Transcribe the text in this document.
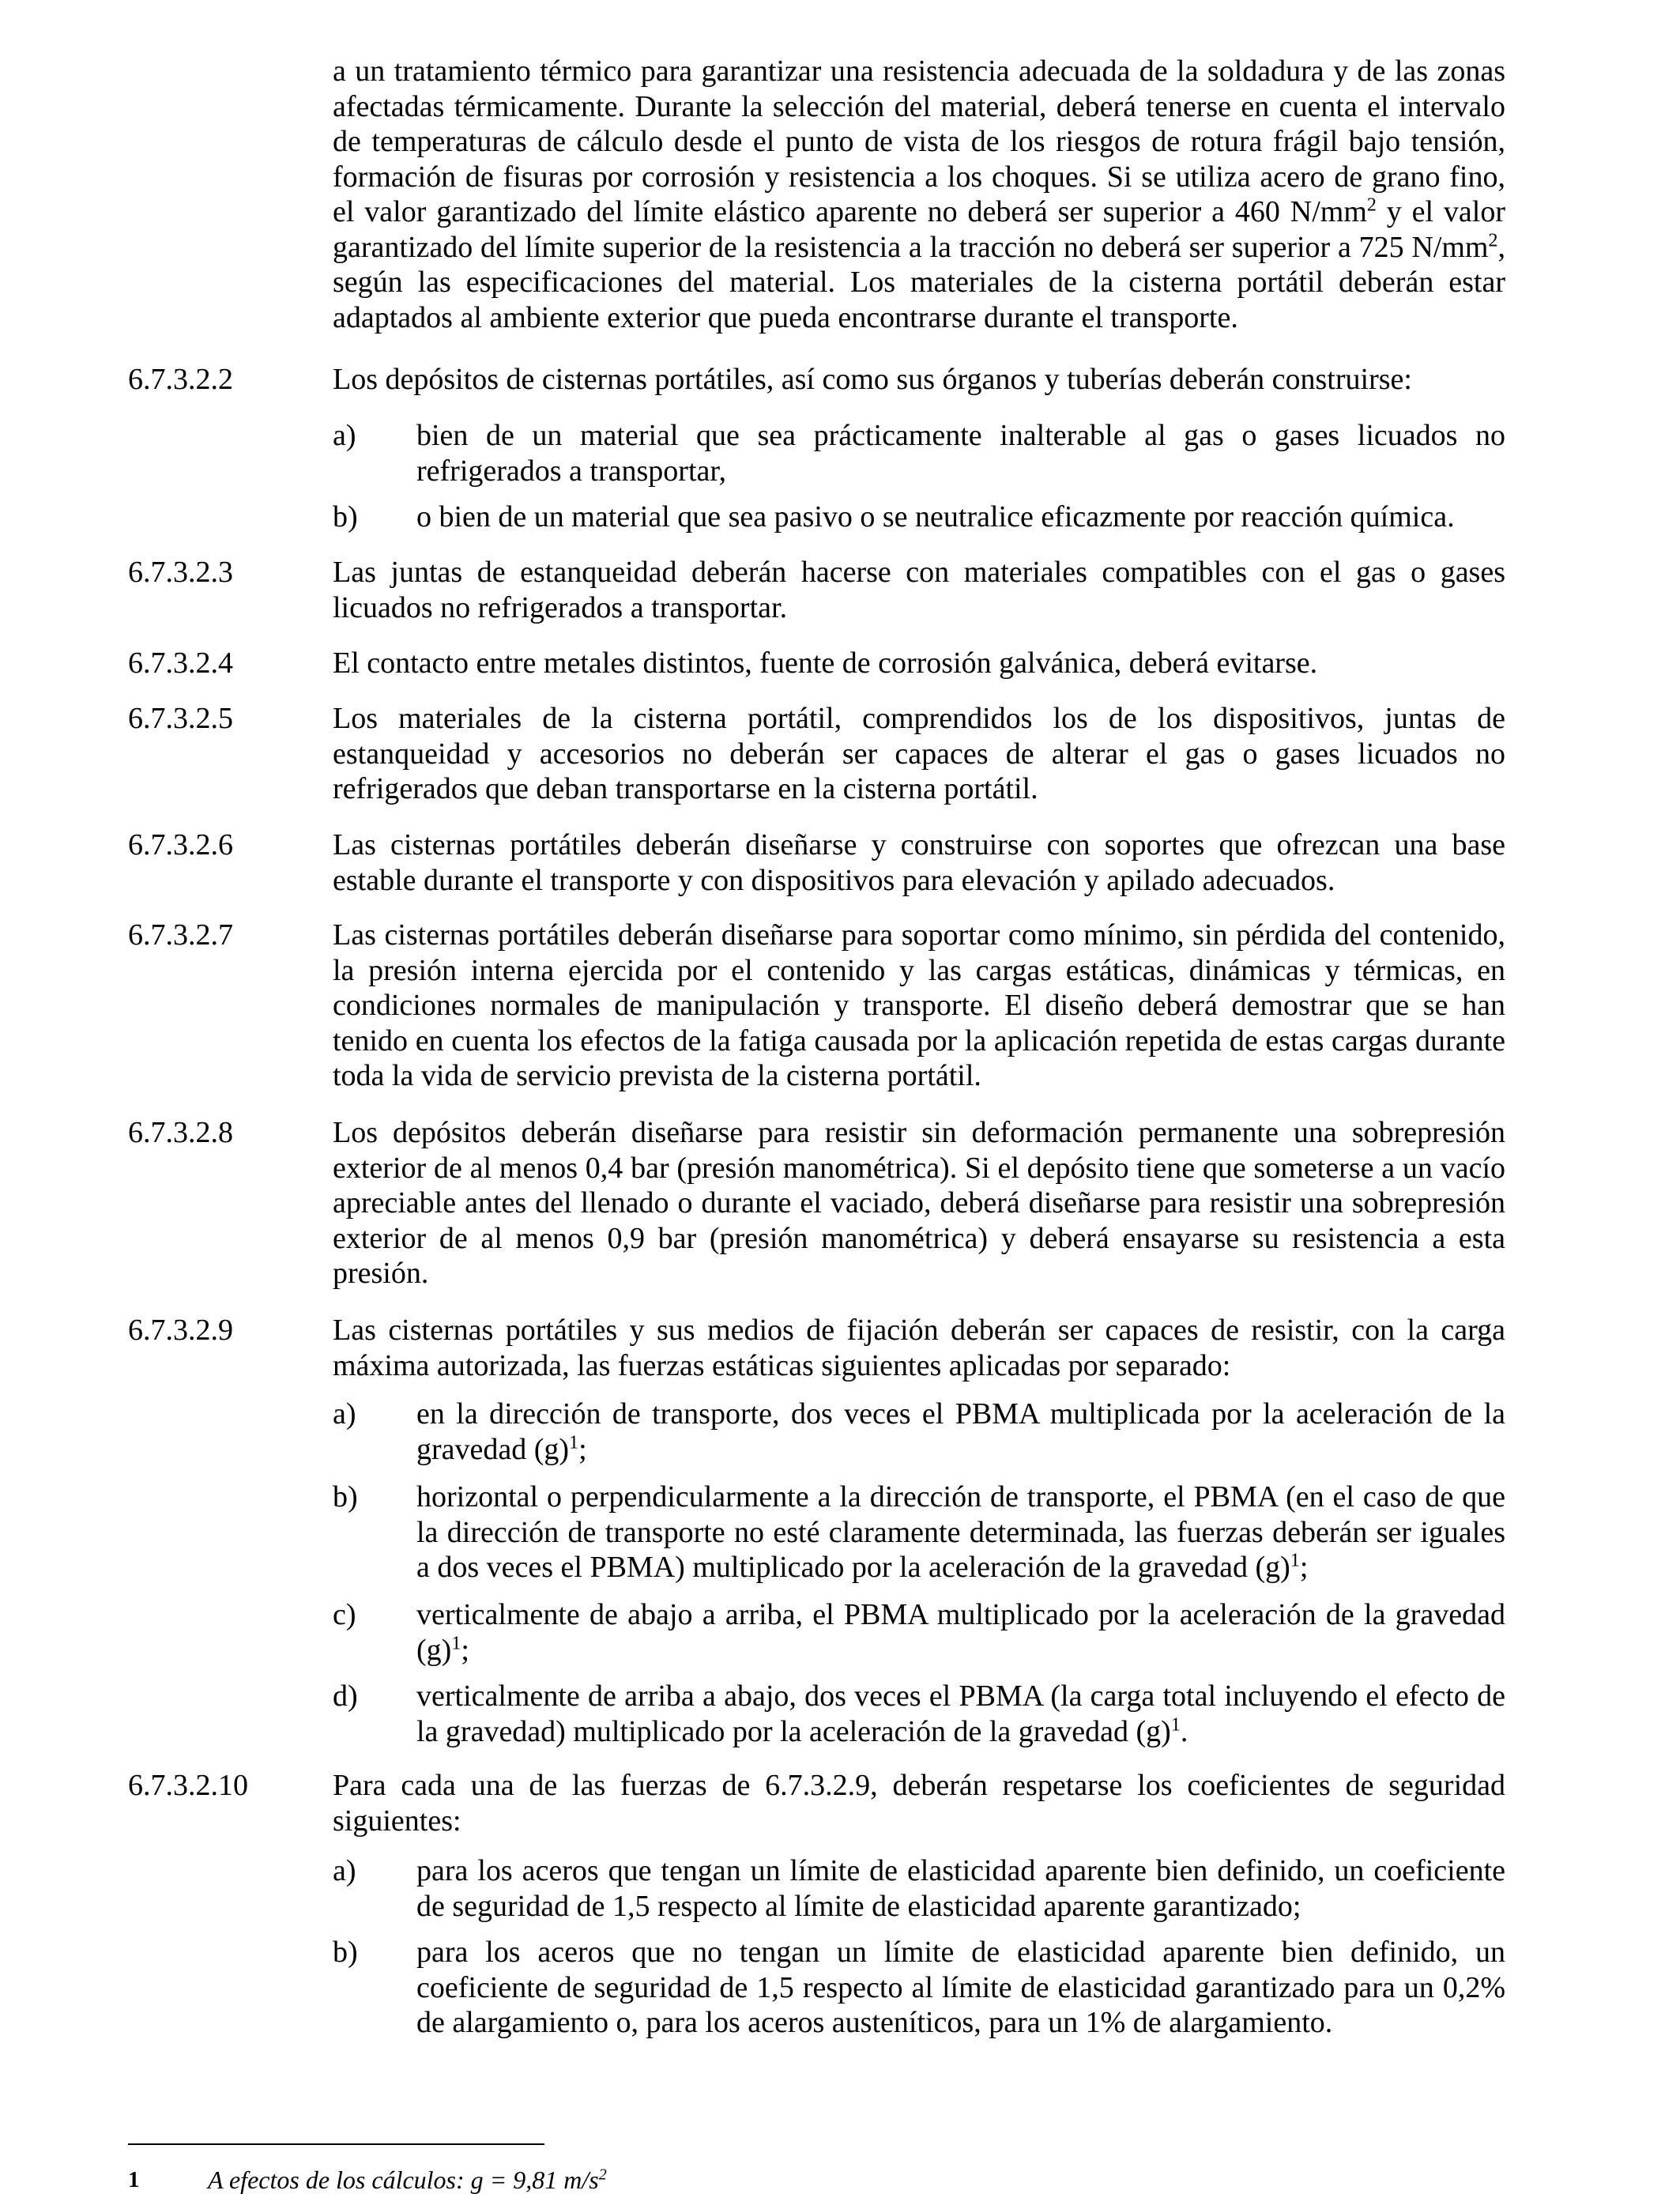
a un tratamiento térmico para garantizar una resistencia adecuada de la soldadura y de las zonas afectadas térmicamente. Durante la selección del material, deberá tenerse en cuenta el intervalo de temperaturas de cálculo desde el punto de vista de los riesgos de rotura frágil bajo tensión, formación de fisuras por corrosión y resistencia a los choques. Si se utiliza acero de grano fino, el valor garantizado del límite elástico aparente no deberá ser superior a 460 $N/mm^2$ y el valor garantizado del límite superior de la resistencia a la tracción no deberá ser superior a 725 $N/mm^2$, según las especificaciones del material. Los materiales de la cisterna portátil deberán estar adaptados al ambiente exterior que pueda encontrarse durante el transporte.
6.7.3.2.2	Los depósitos de cisternas portátiles, así como sus órganos y tuberías deberán construirse:
a) bien de un material que sea prácticamente inalterable al gas o gases licuados no refrigerados a transportar,
b) o bien de un material que sea pasivo o se neutralice eficazmente por reacción química.
6.7.3.2.3	Las juntas de estanqueidad deberán hacerse con materiales compatibles con el gas o gases licuados no refrigerados a transportar.
6.7.3.2.4	El contacto entre metales distintos, fuente de corrosión galvánica, deberá evitarse.
6.7.3.2.5	Los materiales de la cisterna portátil, comprendidos los de los dispositivos, juntas de estanqueidad y accesorios no deberán ser capaces de alterar el gas o gases licuados no refrigerados que deban transportarse en la cisterna portátil.
6.7.3.2.6	Las cisternas portátiles deberán diseñarse y construirse con soportes que ofrezcan una base estable durante el transporte y con dispositivos para elevación y apilado adecuados.
6.7.3.2.7	Las cisternas portátiles deberán diseñarse para soportar como mínimo, sin pérdida del contenido, la presión interna ejercida por el contenido y las cargas estáticas, dinámicas y térmicas, en condiciones normales de manipulación y transporte. El diseño deberá demostrar que se han tenido en cuenta los efectos de la fatiga causada por la aplicación repetida de estas cargas durante toda la vida de servicio prevista de la cisterna portátil.
6.7.3.2.8	Los depósitos deberán diseñarse para resistir sin deformación permanente una sobrepresión exterior de al menos 0,4 bar (presión manométrica). Si el depósito tiene que someterse a un vacío apreciable antes del llenado o durante el vaciado, deberá diseñarse para resistir una sobrepresión exterior de al menos 0,9 bar (presión manométrica) y deberá ensayarse su resistencia a esta presión.
6.7.3.2.9	Las cisternas portátiles y sus medios de fijación deberán ser capaces de resistir, con la carga máxima autorizada, las fuerzas estáticas siguientes aplicadas por separado:
a) en la dirección de transporte, dos veces el PBMA multiplicada por la aceleración de la gravedad $(g)^1$;
b) horizontal o perpendicularmente a la dirección de transporte, el PBMA (en el caso de que la dirección de transporte no esté claramente determinada, las fuerzas deberán ser iguales a dos veces el PBMA) multiplicado por la aceleración de la gravedad $(g)^1$;
c) verticalmente de abajo a arriba, el PBMA multiplicado por la aceleración de la gravedad $(g)^1$;
d) verticalmente de arriba a abajo, dos veces el PBMA (la carga total incluyendo el efecto de la gravedad) multiplicado por la aceleración de la gravedad $(g)^1$.
6.7.3.2.10	Para cada una de las fuerzas de 6.7.3.2.9, deberán respetarse los coeficientes de seguridad siguientes:
a) para los aceros que tengan un límite de elasticidad aparente bien definido, un coeficiente de seguridad de 1,5 respecto al límite de elasticidad aparente garantizado;
b) para los aceros que no tengan un límite de elasticidad aparente bien definido, un coeficiente de seguridad de 1,5 respecto al límite de elasticidad garantizado para un 0,2% de alargamiento o, para los aceros austeníticos, para un 1% de alargamiento.
1	A efectos de los cálculos: g = 9,81 $m/s^2$
